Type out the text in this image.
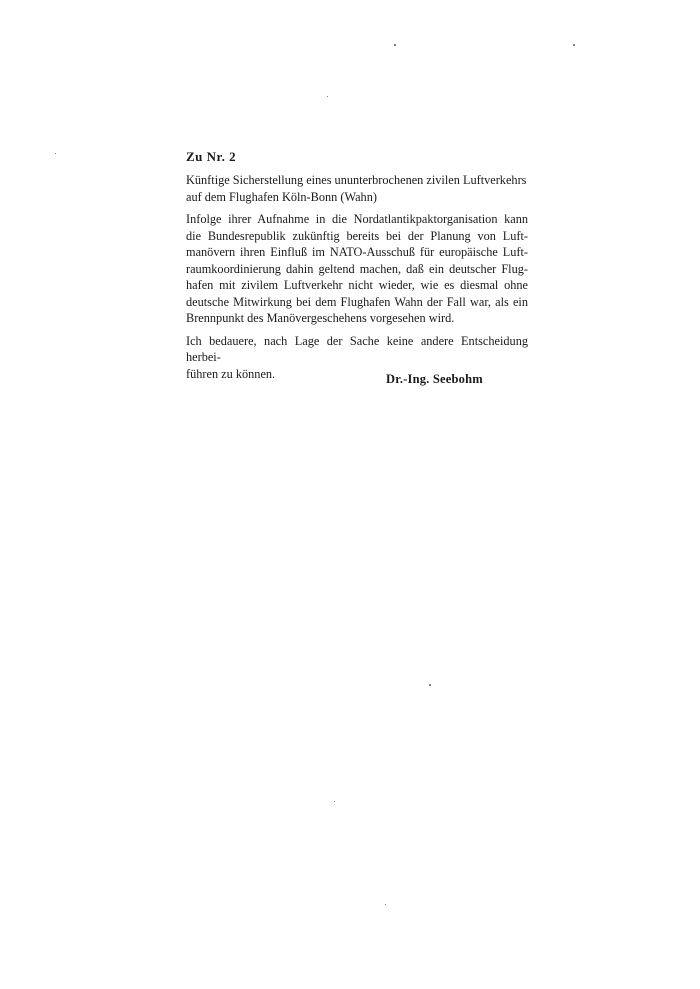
Zu Nr. 2
Künftige Sicherstellung eines ununterbrochenen zivilen Luftverkehrs
auf dem Flughafen Köln-Bonn (Wahn)
Infolge ihrer Aufnahme in die Nordatlantikpaktorganisation kann
die Bundesrepublik zukünftig bereits bei der Planung von Luft-
manövern ihren Einfluß im NATO-Ausschuß für europäische Luft-
raumkoordinierung dahin geltend machen, daß ein deutscher Flug-
hafen mit zivilem Luftverkehr nicht wieder, wie es diesmal ohne
deutsche Mitwirkung bei dem Flughafen Wahn der Fall war, als ein
Brennpunkt des Manövergeschehens vorgesehen wird.
Ich bedauere, nach Lage der Sache keine andere Entscheidung herbei-
führen zu können.	Dr.-Ing. Seebohm
